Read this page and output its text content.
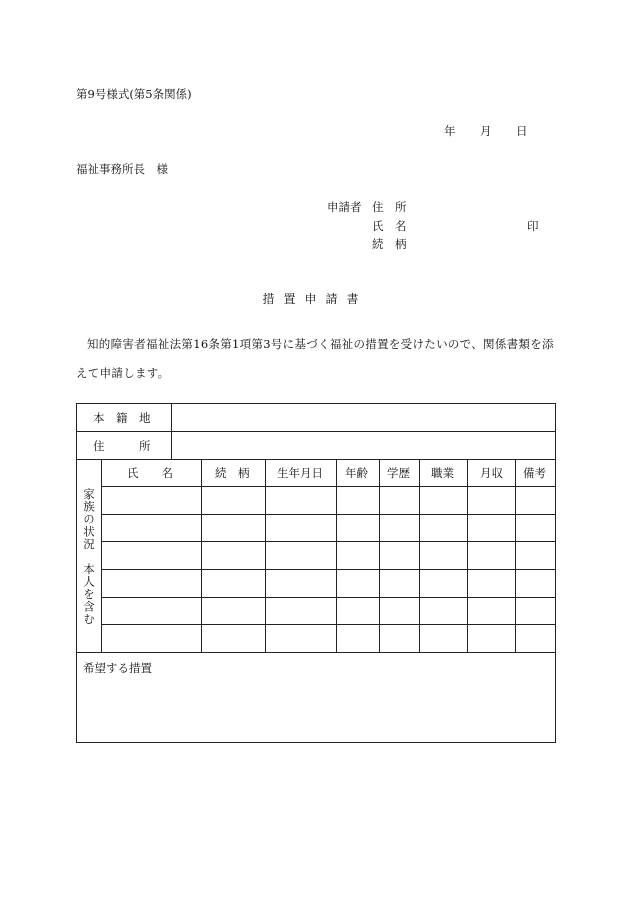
第9号様式(第5条関係)
年 月 日
福祉事務所長　様
申請者 住　所
氏　名
続　柄
印
措置申請書
知的障害者福祉法第16条第1項第3号に基づく福祉の措置を受けたいので、関係書類を添えて申請します。
本　籍　地
住　　　所
家族の状況　本人を含む
氏　　名	続　柄 生年月日 年齢 学歴 職業 月収 備考
希望する措置
